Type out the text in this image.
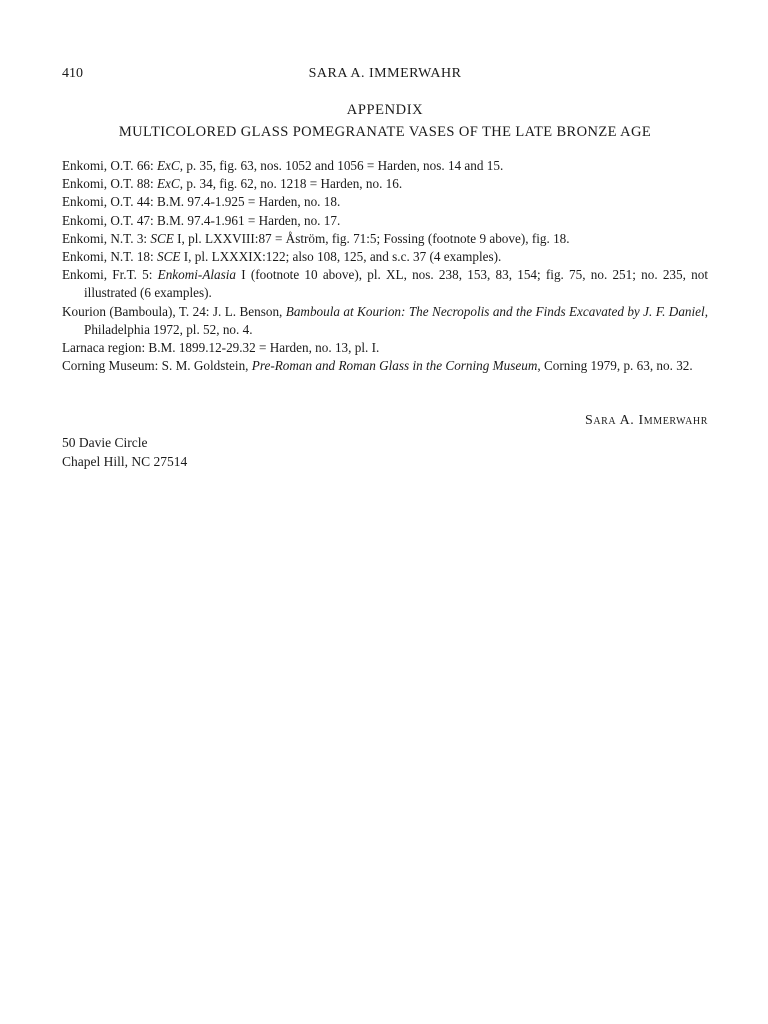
410	SARA A. IMMERWAHR
APPENDIX
MULTICOLORED GLASS POMEGRANATE VASES OF THE LATE BRONZE AGE
Enkomi, O.T. 66: ExC, p. 35, fig. 63, nos. 1052 and 1056 = Harden, nos. 14 and 15.
Enkomi, O.T. 88: ExC, p. 34, fig. 62, no. 1218 = Harden, no. 16.
Enkomi, O.T. 44: B.M. 97.4-1.925 = Harden, no. 18.
Enkomi, O.T. 47: B.M. 97.4-1.961 = Harden, no. 17.
Enkomi, N.T. 3: SCE I, pl. LXXVIII:87 = Åström, fig. 71:5; Fossing (footnote 9 above), fig. 18.
Enkomi, N.T. 18: SCE I, pl. LXXXIX:122; also 108, 125, and s.c. 37 (4 examples).
Enkomi, Fr.T. 5: Enkomi-Alasia I (footnote 10 above), pl. XL, nos. 238, 153, 83, 154; fig. 75, no. 251; no. 235, not illustrated (6 examples).
Kourion (Bamboula), T. 24: J. L. Benson, Bamboula at Kourion: The Necropolis and the Finds Excavated by J. F. Daniel, Philadelphia 1972, pl. 52, no. 4.
Larnaca region: B.M. 1899.12-29.32 = Harden, no. 13, pl. I.
Corning Museum: S. M. Goldstein, Pre-Roman and Roman Glass in the Corning Museum, Corning 1979, p. 63, no. 32.
Sara A. Immerwahr
50 Davie Circle
Chapel Hill, NC 27514
